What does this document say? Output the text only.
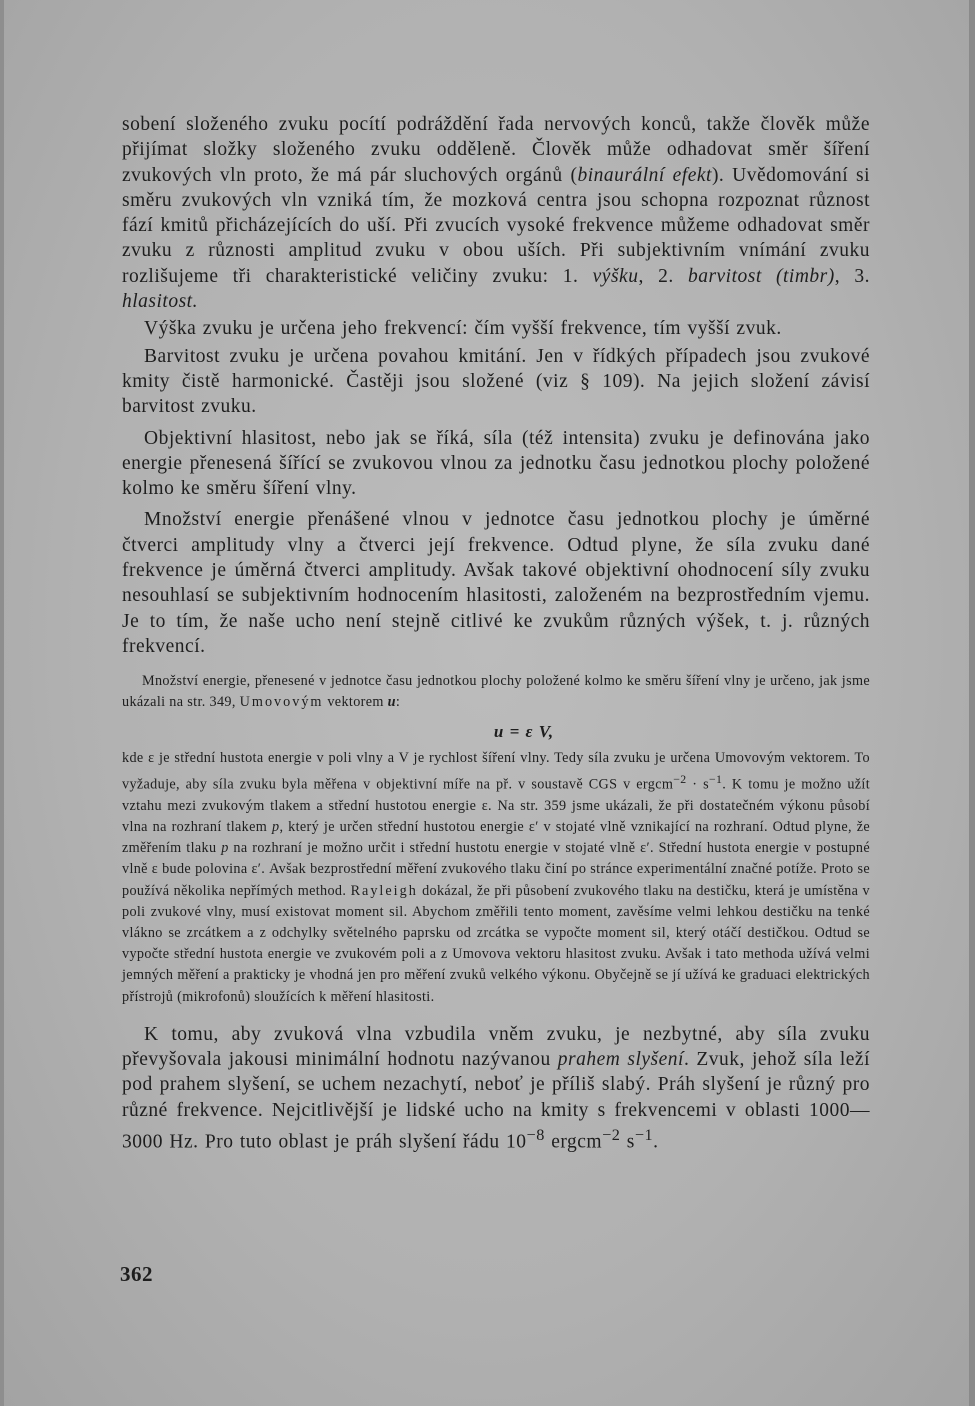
sobení složeného zvuku pocítí podráždění řada nervových konců, takže člověk může přijímat složky složeného zvuku odděleně. Člověk může odhadovat směr šíření zvukových vln proto, že má pár sluchových orgánů (binaurální efekt). Uvědomování si směru zvukových vln vzniká tím, že mozková centra jsou schopna rozpoznat různost fází kmitů přicházejících do uší. Při zvucích vysoké frekvence můžeme odhadovat směr zvuku z různosti amplitud zvuku v obou uších. Při subjektivním vnímání zvuku rozlišujeme tři charakteristické veličiny zvuku: 1. výšku, 2. barvitost (timbr), 3. hlasitost.

Výška zvuku je určena jeho frekvencí: čím vyšší frekvence, tím vyšší zvuk.

Barvitost zvuku je určena povahou kmitání. Jen v řídkých případech jsou zvukové kmity čistě harmonické. Častěji jsou složené (viz § 109). Na jejich složení závisí barvitost zvuku.

Objektivní hlasitost, nebo jak se říká, síla (též intensita) zvuku je definována jako energie přenesená šířící se zvukovou vlnou za jednotku času jednotkou plochy položené kolmo ke směru šíření vlny.

Množství energie přenášené vlnou v jednotce času jednotkou plochy je úměrné čtverci amplitudy vlny a čtverci její frekvence. Odtud plyne, že síla zvuku dané frekvence je úměrná čtverci amplitudy. Avšak takové objektivní ohodnocení síly zvuku nesouhlasí se subjektivním hodnocením hlasitosti, založeném na bezprostředním vjemu. Je to tím, že naše ucho není stejně citlivé ke zvukům různých výšek, t. j. různých frekvencí.

Množství energie, přenesené v jednotce času jednotkou plochy položené kolmo ke směru šíření vlny je určeno, jak jsme ukázali na str. 349, Umovovým vektorem u:

u = ε V,

kde ε je střední hustota energie v poli vlny a V je rychlost šíření vlny. Tedy síla zvuku je určena Umovovým vektorem. To vyžaduje, aby síla zvuku byla měřena v objektivní míře na př. v soustavě CGS v ergcm$^{-2}$ · $s^{-1}$. K tomu je možno užít vztahu mezi zvukovým tlakem a střední hustotou energie ε. Na str. 359 jsme ukázali, že při dostatečném výkonu působí vlna na rozhraní tlakem p, který je určen střední hustotou energie ε′ v stojaté vlně vznikající na rozhraní. Odtud plyne, že změřením tlaku p na rozhraní je možno určit i střední hustotu energie v stojaté vlně ε′. Střední hustota energie v postupné vlně ε bude polovina ε′. Avšak bezprostřední měření zvukového tlaku činí po stránce experimentální značné potíže. Proto se používá několika nepřímých method. Rayleigh dokázal, že při působení zvukového tlaku na destičku, která je umístěna v poli zvukové vlny, musí existovat moment sil. Abychom změřili tento moment, zavěsíme velmi lehkou destičku na tenké vlákno se zrcátkem a z odchylky světelného paprsku od zrcátka se vypočte moment sil, který otáčí destičkou. Odtud se vypočte střední hustota energie ve zvukovém poli a z Umovova vektoru hlasitost zvuku. Avšak i tato methoda užívá velmi jemných měření a prakticky je vhodná jen pro měření zvuků velkého výkonu. Obyčejně se jí užívá ke graduaci elektrických přístrojů (mikrofonů) sloužících k měření hlasitosti.

K tomu, aby zvuková vlna vzbudila vněm zvuku, je nezbytné, aby síla zvuku převyšovala jakousi minimální hodnotu nazývanou prahem slyšení. Zvuk, jehož síla leží pod prahem slyšení, se uchem nezachytí, neboť je příliš slabý. Práh slyšení je různý pro různé frekvence. Nejcitlivější je lidské ucho na kmity s frekvencemi v oblasti 1000—3000 Hz. Pro tuto oblast je práh slyšení řádu $10^{-8}$ ergcm$^{-2}$ $s^{-1}$.

362
